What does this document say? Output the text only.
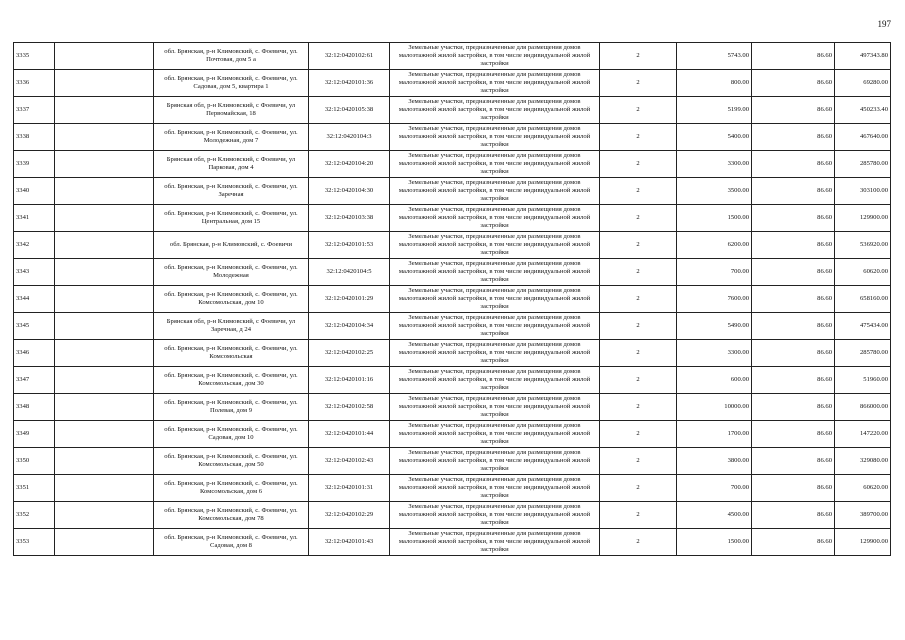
197
3335		обл. Брянская, р-н Климовский, с. Фоевичи, ул. Почтовая, дом 5 а	32:12:0420102:61	Земельные участки, предназначенные для размещения домов малоэтажной жилой застройки, в том числе индивидуальной жилой застройки	2	5743.00	86.60	497343.80
3336		обл. Брянская, р-н Климовский, с. Фоевичи, ул. Садовая, дом 5, квартира 1	32:12:0420101:36	Земельные участки, предназначенные для размещения домов малоэтажной жилой застройки, в том числе индивидуальной жилой застройки	2	800.00	86.60	69280.00
3337		Брянская обл, р-н Климовский, с Фоевичи, ул Первомайская, 18	32:12:0420105:38	Земельные участки, предназначенные для размещения домов малоэтажной жилой застройки, в том числе индивидуальной жилой застройки	2	5199.00	86.60	450233.40
3338		обл. Брянская, р-н Климовский, с. Фоевичи, ул. Молодежная, дом 7	32:12:0420104:3	Земельные участки, предназначенные для размещения домов малоэтажной жилой застройки, в том числе индивидуальной жилой застройки	2	5400.00	86.60	467640.00
3339		Брянская обл, р-н Климовский, с Фоевичи, ул Парковая, дом 4	32:12:0420104:20	Земельные участки, предназначенные для размещения домов малоэтажной жилой застройки, в том числе индивидуальной жилой застройки	2	3300.00	86.60	285780.00
3340		обл. Брянская, р-н Климовский, с. Фоевичи, ул. Заречная	32:12:0420104:30	Земельные участки, предназначенные для размещения домов малоэтажной жилой застройки, в том числе индивидуальной жилой застройки	2	3500.00	86.60	303100.00
3341		обл. Брянская, р-н Климовский, с. Фоевичи, ул. Центральная, дом 15	32:12:0420103:38	Земельные участки, предназначенные для размещения домов малоэтажной жилой застройки, в том числе индивидуальной жилой застройки	2	1500.00	86.60	129900.00
3342		обл. Брянская, р-н Климовский, с. Фоевичи	32:12:0420101:53	Земельные участки, предназначенные для размещения домов малоэтажной жилой застройки, в том числе индивидуальной жилой застройки	2	6200.00	86.60	536920.00
3343		обл. Брянская, р-н Климовский, с. Фоевичи, ул. Молодежная	32:12:0420104:5	Земельные участки, предназначенные для размещения домов малоэтажной жилой застройки, в том числе индивидуальной жилой застройки	2	700.00	86.60	60620.00
3344		обл. Брянская, р-н Климовский, с. Фоевичи, ул. Комсомольская, дом 10	32:12:0420101:29	Земельные участки, предназначенные для размещения домов малоэтажной жилой застройки, в том числе индивидуальной жилой застройки	2	7600.00	86.60	658160.00
3345		Брянская обл, р-н Климовский, с Фоевичи, ул Заречная, д 24	32:12:0420104:34	Земельные участки, предназначенные для размещения домов малоэтажной жилой застройки, в том числе индивидуальной жилой застройки	2	5490.00	86.60	475434.00
3346		обл. Брянская, р-н Климовский, с. Фоевичи, ул. Комсомольская	32:12:0420102:25	Земельные участки, предназначенные для размещения домов малоэтажной жилой застройки, в том числе индивидуальной жилой застройки	2	3300.00	86.60	285780.00
3347		обл. Брянская, р-н Климовский, с. Фоевичи, ул. Комсомольская, дом 30	32:12:0420101:16	Земельные участки, предназначенные для размещения домов малоэтажной жилой застройки, в том числе индивидуальной жилой застройки	2	600.00	86.60	51960.00
3348		обл. Брянская, р-н Климовский, с. Фоевичи, ул. Полевая, дом 9	32:12:0420102:58	Земельные участки, предназначенные для размещения домов малоэтажной жилой застройки, в том числе индивидуальной жилой застройки	2	10000.00	86.60	866000.00
3349		обл. Брянская, р-н Климовский, с. Фоевичи, ул. Садовая, дом 10	32:12:0420101:44	Земельные участки, предназначенные для размещения домов малоэтажной жилой застройки, в том числе индивидуальной жилой застройки	2	1700.00	86.60	147220.00
3350		обл. Брянская, р-н Климовский, с. Фоевичи, ул. Комсомольская, дом 50	32:12:0420102:43	Земельные участки, предназначенные для размещения домов малоэтажной жилой застройки, в том числе индивидуальной жилой застройки	2	3800.00	86.60	329080.00
3351		обл. Брянская, р-н Климовский, с. Фоевичи, ул. Комсомольская, дом 6	32:12:0420101:31	Земельные участки, предназначенные для размещения домов малоэтажной жилой застройки, в том числе индивидуальной жилой застройки	2	700.00	86.60	60620.00
3352		обл. Брянская, р-н Климовский, с. Фоевичи, ул. Комсомольская, дом 78	32:12:0420102:29	Земельные участки, предназначенные для размещения домов малоэтажной жилой застройки, в том числе индивидуальной жилой застройки	2	4500.00	86.60	389700.00
3353		обл. Брянская, р-н Климовский, с. Фоевичи, ул. Садовая, дом 8	32:12:0420101:43	Земельные участки, предназначенные для размещения домов малоэтажной жилой застройки, в том числе индивидуальной жилой застройки	2	1500.00	86.60	129900.00
